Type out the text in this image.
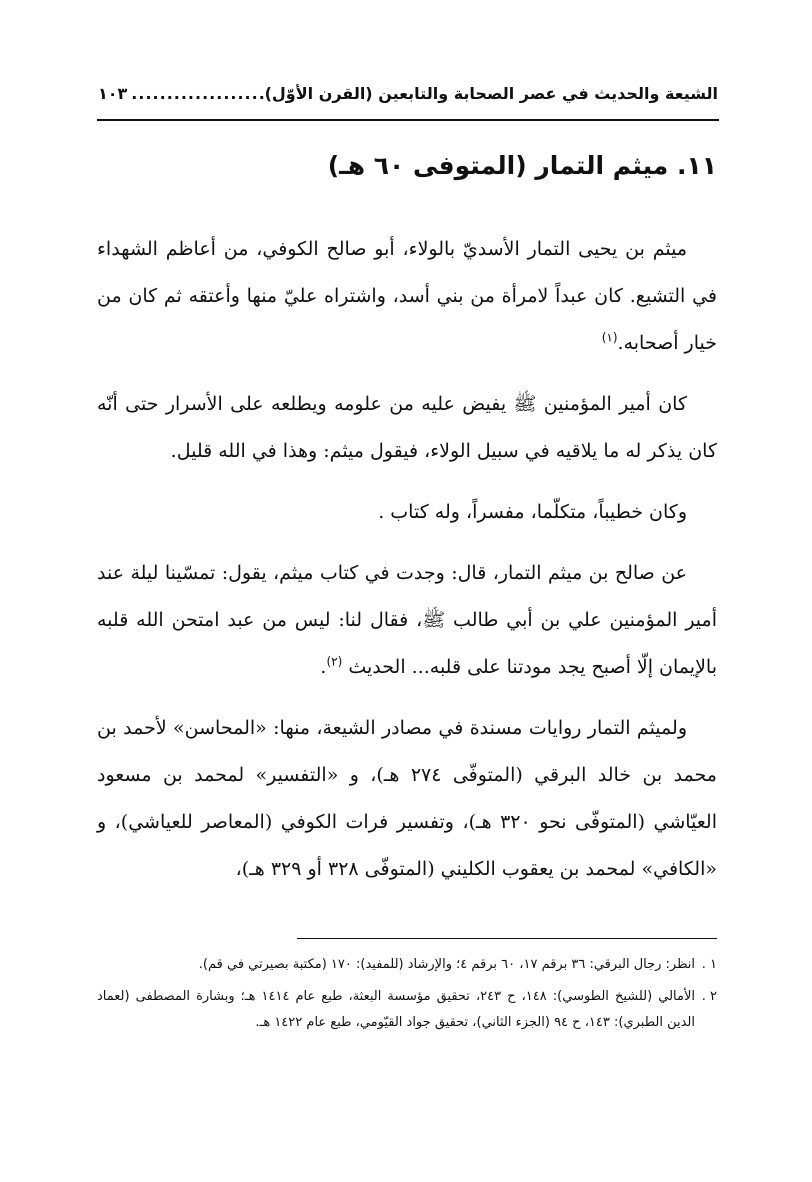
الشيعة والحديث في عصر الصحابة والتابعين (القرن الأوّل)
.....
١٠٣
١١. ميثم التمار (المتوفى ٦٠ هـ)

ميثم بن يحيى التمار الأسديّ بالولاء، أبو صالح الكوفي، من أعاظم الشهداء في التشيع. كان عبداً لامرأة من بني أسد، واشتراه عليّ منها وأعتقه ثم كان من خيار أصحابه.$^{(١)}$

كان أمير المؤمنين ﷺ يفيض عليه من علومه ويطلعه على الأسرار حتى أنّه كان يذكر له ما يلاقيه في سبيل الولاء، فيقول ميثم: وهذا في الله قليل.

وكان خطيباً، متكلّما، مفسراً، وله كتاب .

عن صالح بن ميثم التمار، قال: وجدت في كتاب ميثم، يقول: تمسّينا ليلة عند أمير المؤمنين علي بن أبي طالب ﷺ، فقال لنا: ليس من عبد امتحن الله قلبه بالإيمان إلّا أصبح يجد مودتنا على قلبه... الحديث $^{(٢)}$.

ولميثم التمار روايات مسندة في مصادر الشيعة، منها: «المحاسن» لأحمد بن محمد بن خالد البرقي (المتوفّى ٢٧٤ هـ)، و «التفسير» لمحمد بن مسعود العيّاشي (المتوفّى نحو ٣٢٠ هـ)، وتفسير فرات الكوفي (المعاصر للعياشي)، و «الكافي» لمحمد بن يعقوب الكليني (المتوفّى ٣٢٨ أو ٣٢٩ هـ)،

١ .
انظر: رجال البرقي: ٣٦ برقم ١٧، ٦٠ برقم ٤؛ والإرشاد (للمفيد): ١٧٠ (مكتبة بصيرتي في قم).
٢ .
الأمالي (للشيخ الطوسي): ١٤٨، ح ٢٤٣، تحقيق مؤسسة البعثة، طبع عام ١٤١٤ هـ؛ وبشارة المصطفى (لعماد الدين الطبري): ١٤٣، ح ٩٤ (الجزء الثاني)، تحقيق جواد القيّومي، طبع عام ١٤٢٢ هـ.
